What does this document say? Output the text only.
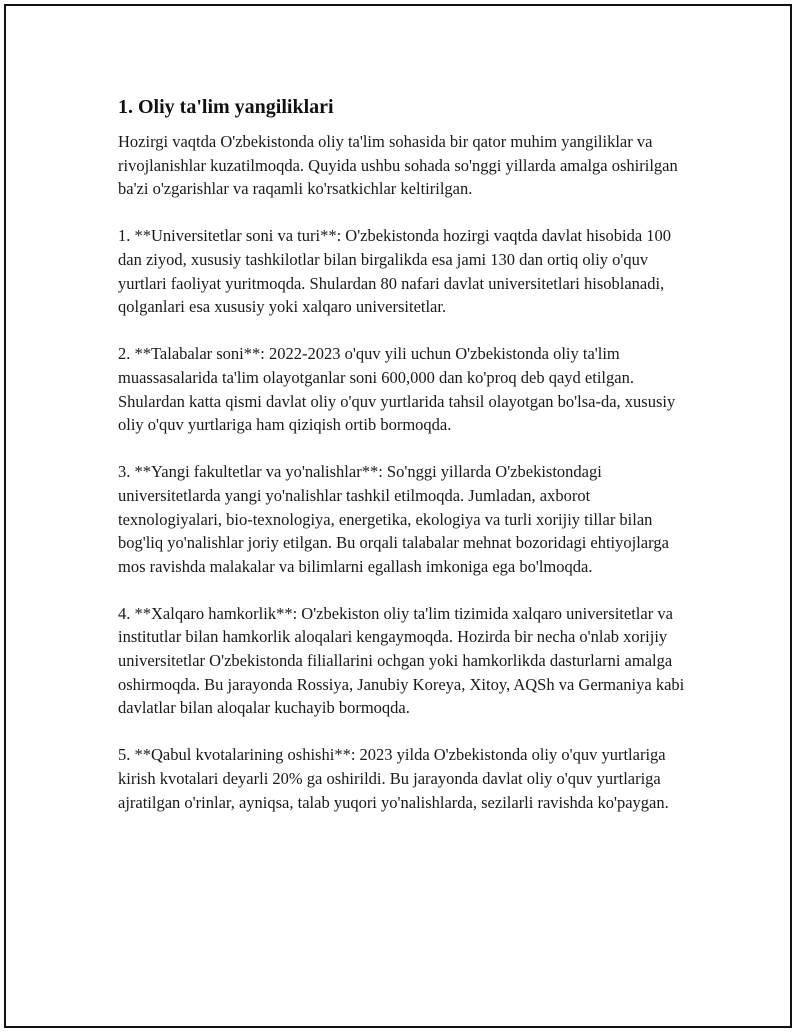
1. Oliy ta'lim yangiliklari

Hozirgi vaqtda O'zbekistonda oliy ta'lim sohasida bir qator muhim yangiliklar va rivojlanishlar kuzatilmoqda. Quyida ushbu sohada so'nggi yillarda amalga oshirilgan ba'zi o'zgarishlar va raqamli ko'rsatkichlar keltirilgan.

1. **Universitetlar soni va turi**: O'zbekistonda hozirgi vaqtda davlat hisobida 100 dan ziyod, xususiy tashkilotlar bilan birgalikda esa jami 130 dan ortiq oliy o'quv yurtlari faoliyat yuritmoqda. Shulardan 80 nafari davlat universitetlari hisoblanadi, qolganlari esa xususiy yoki xalqaro universitetlar.

2. **Talabalar soni**: 2022-2023 o'quv yili uchun O'zbekistonda oliy ta'lim muassasalarida ta'lim olayotganlar soni 600,000 dan ko'proq deb qayd etilgan. Shulardan katta qismi davlat oliy o'quv yurtlarida tahsil olayotgan bo'lsa-da, xususiy oliy o'quv yurtlariga ham qiziqish ortib bormoqda.

3. **Yangi fakultetlar va yo'nalishlar**: So'nggi yillarda O'zbekistondagi universitetlarda yangi yo'nalishlar tashkil etilmoqda. Jumladan, axborot texnologiyalari, bio-texnologiya, energetika, ekologiya va turli xorijiy tillar bilan bog'liq yo'nalishlar joriy etilgan. Bu orqali talabalar mehnat bozoridagi ehtiyojlarga mos ravishda malakalar va bilimlarni egallash imkoniga ega bo'lmoqda.

4. **Xalqaro hamkorlik**: O'zbekiston oliy ta'lim tizimida xalqaro universitetlar va institutlar bilan hamkorlik aloqalari kengaymoqda. Hozirda bir necha o'nlab xorijiy universitetlar O'zbekistonda filiallarini ochgan yoki hamkorlikda dasturlarni amalga oshirmoqda. Bu jarayonda Rossiya, Janubiy Koreya, Xitoy, AQSh va Germaniya kabi davlatlar bilan aloqalar kuchayib bormoqda.

5. **Qabul kvotalarining oshishi**: 2023 yilda O'zbekistonda oliy o'quv yurtlariga kirish kvotalari deyarli 20% ga oshirildi. Bu jarayonda davlat oliy o'quv yurtlariga ajratilgan o'rinlar, ayniqsa, talab yuqori yo'nalishlarda, sezilarli ravishda ko'paygan.
